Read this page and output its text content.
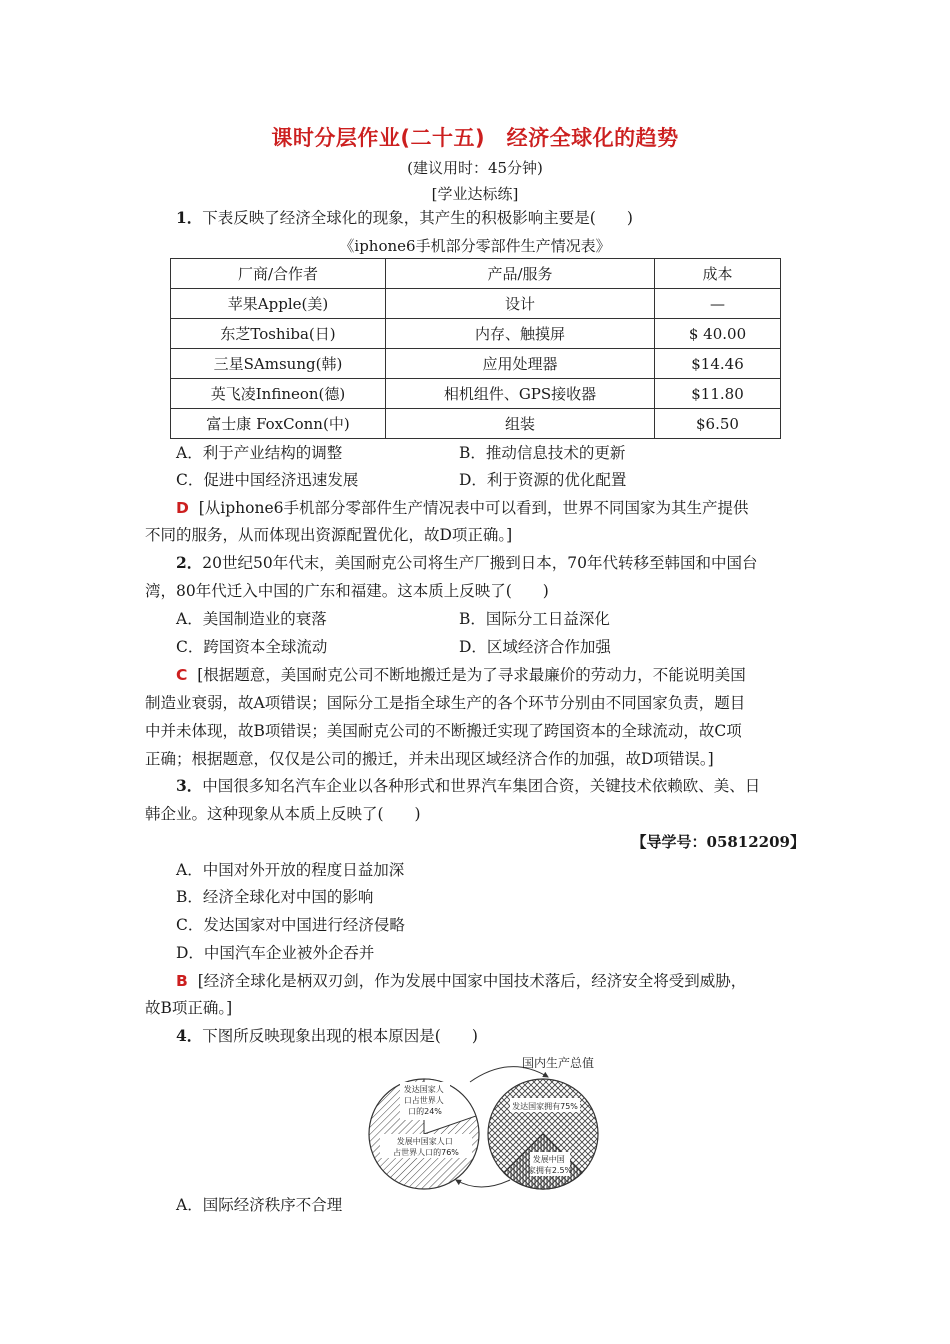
课时分层作业(二十五)　经济全球化的趋势
(建议用时：45分钟)
[学业达标练]
1．下表反映了经济全球化的现象，其产生的积极影响主要是(　　)
《iphone6手机部分零部件生产情况表》
厂商/合作者	产品/服务	成本
苹果Apple(美)	设计	—
东芝Toshiba(日)	内存、触摸屏	$ 40.00
三星SAmsung(韩)	应用处理器	$14.46
英飞凌Infineon(德)	相机组件、GPS接收器	$11.80
富士康 FoxConn(中)	组装	$6.50
A．利于产业结构的调整	B．推动信息技术的更新
C．促进中国经济迅速发展	D．利于资源的优化配置
D [从iphone6手机部分零部件生产情况表中可以看到，世界不同国家为其生产提供
不同的服务，从而体现出资源配置优化，故D项正确。]
2．20世纪50年代末，美国耐克公司将生产厂搬到日本，70年代转移至韩国和中国台
湾，80年代迁入中国的广东和福建。这本质上反映了(　　)
A．美国制造业的衰落	B．国际分工日益深化
C．跨国资本全球流动	D．区域经济合作加强
C [根据题意，美国耐克公司不断地搬迁是为了寻求最廉价的劳动力，不能说明美国
制造业衰弱，故A项错误；国际分工是指全球生产的各个环节分别由不同国家负责，题目
中并未体现，故B项错误；美国耐克公司的不断搬迁实现了跨国资本的全球流动，故C项
正确；根据题意，仅仅是公司的搬迁，并未出现区域经济合作的加强，故D项错误。]
3．中国很多知名汽车企业以各种形式和世界汽车集团合资，关键技术依赖欧、美、日
韩企业。这种现象从本质上反映了(　　)
【导学号：05812209】
A．中国对外开放的程度日益加深
B．经济全球化对中国的影响
C．发达国家对中国进行经济侵略
D．中国汽车企业被外企吞并
B [经济全球化是柄双刃剑，作为发展中国家中国技术落后，经济安全将受到威胁，
故B项正确。]
4．下图所反映现象出现的根本原因是(　　)
国内生产总值
发达国家人 口占世界人 口的24%
发展中国家人口 占世界人口的76%
发达国家拥有75%
发展中国 家拥有2.5%
A．国际经济秩序不合理
